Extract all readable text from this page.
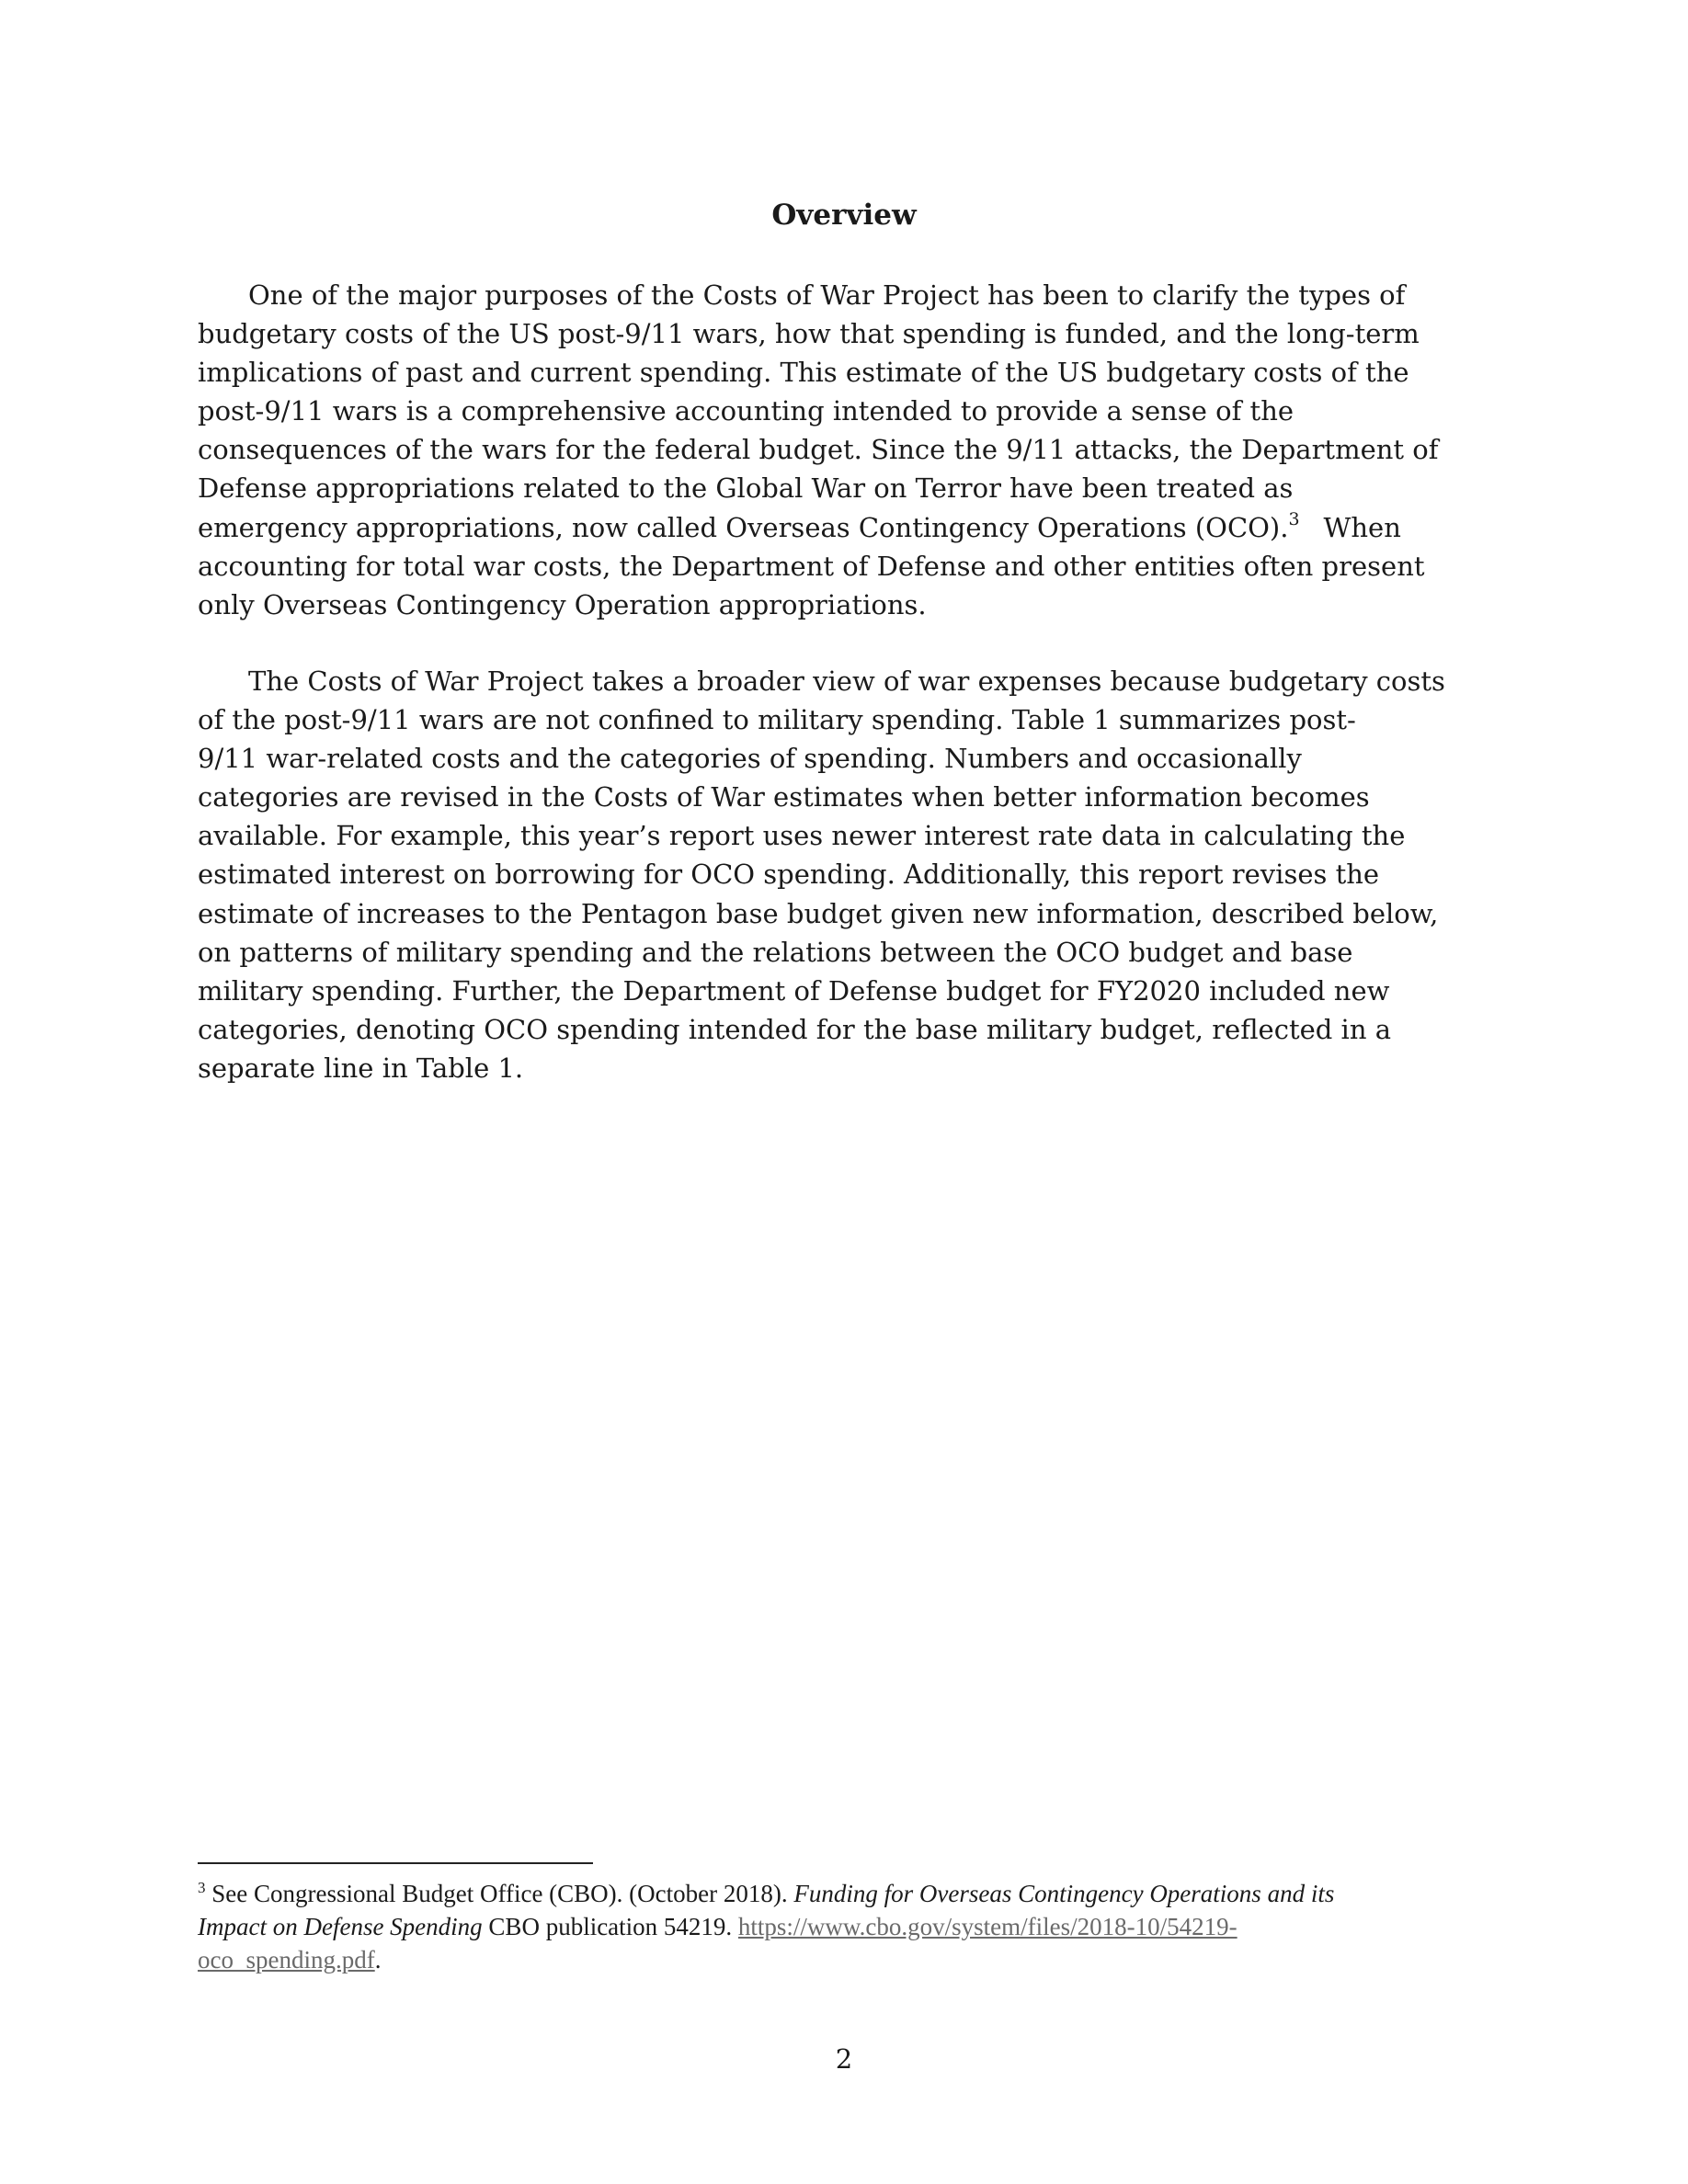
Overview
One of the major purposes of the Costs of War Project has been to clarify the types of
budgetary costs of the US post-9/11 wars, how that spending is funded, and the long-term
implications of past and current spending. This estimate of the US budgetary costs of the
post-9/11 wars is a comprehensive accounting intended to provide a sense of the
consequences of the wars for the federal budget. Since the 9/11 attacks, the Department of
Defense appropriations related to the Global War on Terror have been treated as
emergency appropriations, now called Overseas Contingency Operations (OCO).$^3$ When
accounting for total war costs, the Department of Defense and other entities often present
only Overseas Contingency Operation appropriations.
The Costs of War Project takes a broader view of war expenses because budgetary costs
of the post-9/11 wars are not confined to military spending. Table 1 summarizes post-
9/11 war-related costs and the categories of spending. Numbers and occasionally
categories are revised in the Costs of War estimates when better information becomes
available. For example, this year’s report uses newer interest rate data in calculating the
estimated interest on borrowing for OCO spending. Additionally, this report revises the
estimate of increases to the Pentagon base budget given new information, described below,
on patterns of military spending and the relations between the OCO budget and base
military spending. Further, the Department of Defense budget for FY2020 included new
categories, denoting OCO spending intended for the base military budget, reflected in a
separate line in Table 1.
$^3$ See Congressional Budget Office (CBO). (October 2018). Funding for Overseas Contingency Operations and its
Impact on Defense Spending CBO publication 54219. https://www.cbo.gov/system/files/2018-10/54219-
oco_spending.pdf.
2
